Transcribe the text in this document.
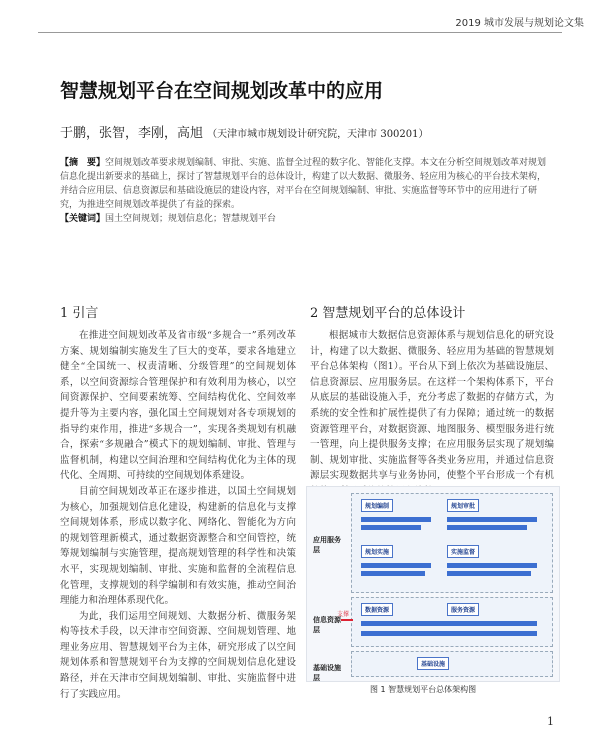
2019 城市发展与规划论文集
智慧规划平台在空间规划改革中的应用
于鹏，张智，李刚，高旭 （天津市城市规划设计研究院，天津市 300201）
【摘　要】空间规划改革要求规划编制、审批、实施、监督全过程的数字化、智能化支撑。本文在分析空间规划改革对规划信息化提出新要求的基础上，探讨了智慧规划平台的总体设计，构建了以大数据、微服务、轻应用为核心的平台技术架构，并结合应用层、信息资源层和基础设施层的建设内容，对平台在空间规划编制、审批、实施监督等环节中的应用进行了研究，为推进空间规划改革提供了有益的探索。
【关键词】国土空间规划；规划信息化；智慧规划平台
1 引言

在推进空间规划改革及省市级“多规合一”系列改革方案、规划编制实施发生了巨大的变革，要求各地建立健全“全国统一、权责清晰、分级管理”的空间规划体系，以空间资源综合管理保护和有效利用为核心，以空间资源保护、空间要素统筹、空间结构优化、空间效率提升等为主要内容，强化国土空间规划对各专项规划的指导约束作用，推进“多规合一”，实现各类规划有机融合，探索“多规融合”模式下的规划编制、审批、管理与监督机制，构建以空间治理和空间结构优化为主体的现代化、全周期、可持续的空间规划体系建设。

目前空间规划改革正在逐步推进，以国土空间规划为核心，加强规划信息化建设，构建新的信息化与支撑空间规划体系，形成以数字化、网络化、智能化为方向的规划管理新模式，通过数据资源整合和空间管控，统筹规划编制与实施管理，提高规划管理的科学性和决策水平，实现规划编制、审批、实施和监督的全流程信息化管理，支撑规划的科学编制和有效实施，推动空间治理能力和治理体系现代化。

为此，我们运用空间规划、大数据分析、微服务架构等技术手段，以天津市空间资源、空间规划管理、地理业务应用、智慧规划平台为主体，研究形成了以空间规划体系和智慧规划平台为支撑的空间规划信息化建设路径，并在天津市空间规划编制、审批、实施监督中进行了实践应用。

2 智慧规划平台的总体设计

根据城市大数据信息资源体系与规划信息化的研究设计，构建了以大数据、微服务、轻应用为基础的智慧规划平台总体架构（图1）。平台从下到上依次为基础设施层、信息资源层、应用服务层。在这样一个架构体系下，平台从底层的基础设施入手，充分考虑了数据的存储方式，为系统的安全性和扩展性提供了有力保障；通过统一的数据资源管理平台，对数据资源、地图服务、模型服务进行统一管理，向上提供服务支撑；在应用服务层实现了规划编制、规划审批、实施监督等各类业务应用，并通过信息资源层实现数据共享与业务协同，使整个平台形成一个有机

应用服务层
信息资源层
基础设施层
规划编制	规划审批
规划实施	实施监督
数据资源	服务资源
支撑
基础设施
图 1 智慧规划平台总体架构图
1
